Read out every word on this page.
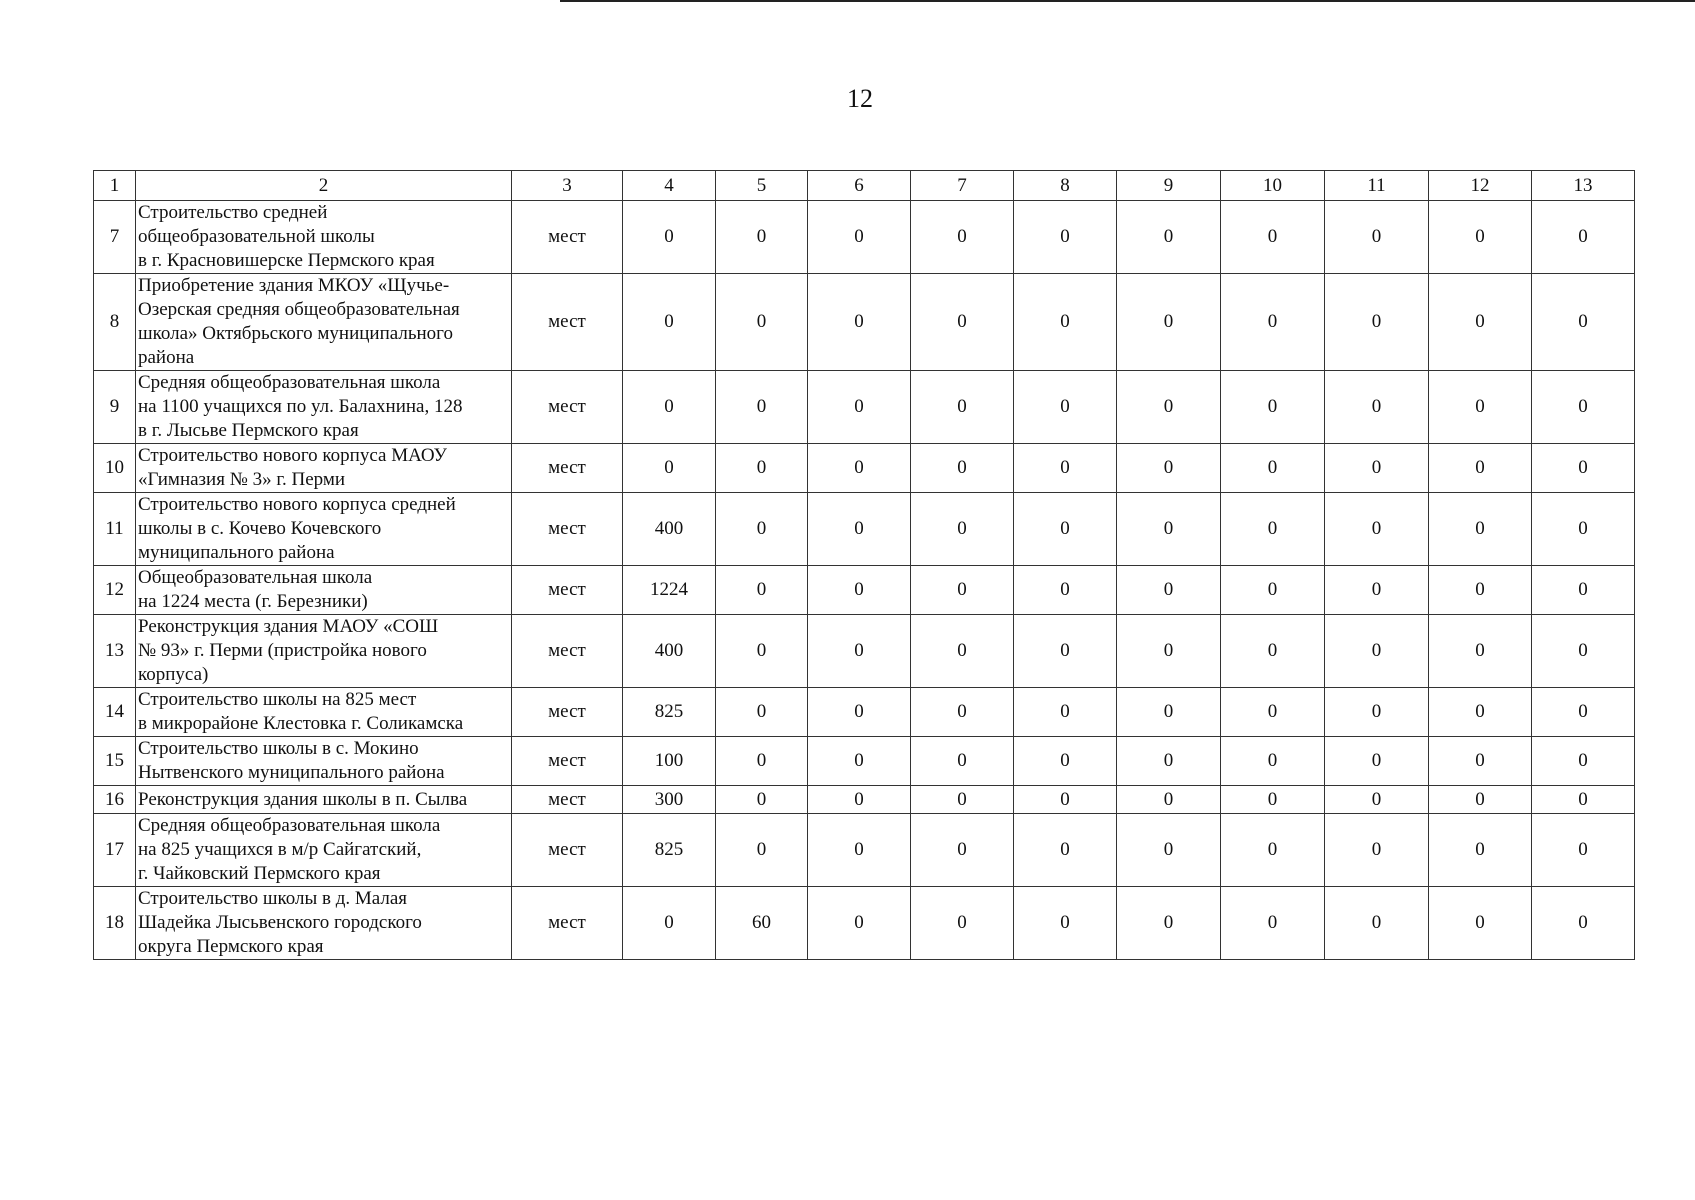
12
1	2	3	4	5	6	7	8	9	10	11	12	13
7	Строительство средней
общеобразовательной школы
в г. Красновишерске Пермского края	мест	0	0	0	0	0	0	0	0	0	0
8	Приобретение здания МКОУ «Щучье-
Озерская средняя общеобразовательная
школа» Октябрьского муниципального
района	мест	0	0	0	0	0	0	0	0	0	0
9	Средняя общеобразовательная школа
на 1100 учащихся по ул. Балахнина, 128
в г. Лысьве Пермского края	мест	0	0	0	0	0	0	0	0	0	0
10	Строительство нового корпуса МАОУ
«Гимназия № 3» г. Перми	мест	0	0	0	0	0	0	0	0	0	0
11	Строительство нового корпуса средней
школы в с. Кочево Кочевского
муниципального района	мест	400	0	0	0	0	0	0	0	0	0
12	Общеобразовательная школа
на 1224 места (г. Березники)	мест	1224	0	0	0	0	0	0	0	0	0
13	Реконструкция здания МАОУ «СОШ
№ 93» г. Перми (пристройка нового
корпуса)	мест	400	0	0	0	0	0	0	0	0	0
14	Строительство школы на 825 мест
в микрорайоне Клестовка г. Соликамска	мест	825	0	0	0	0	0	0	0	0	0
15	Строительство школы в с. Мокино
Нытвенского муниципального района	мест	100	0	0	0	0	0	0	0	0	0
16	Реконструкция здания школы в п. Сылва	мест	300	0	0	0	0	0	0	0	0	0
17	Средняя общеобразовательная школа
на 825 учащихся в м/р Сайгатский,
г. Чайковский Пермского края	мест	825	0	0	0	0	0	0	0	0	0
18	Строительство школы в д. Малая
Шадейка Лысьвенского городского
округа Пермского края	мест	0	60	0	0	0	0	0	0	0	0
